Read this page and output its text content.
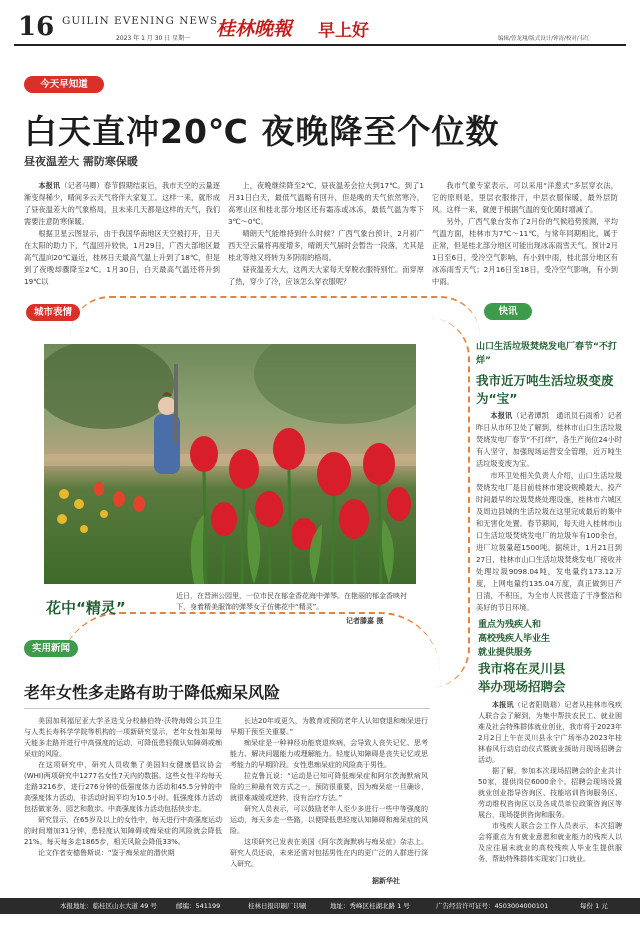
16 GUILIN EVENING NEWS
2023 年 1 月 30 日 星期一 桂林晚報 早上好	编辑/曾龙翔/版式设计/钟涛/校对/韦红
今天早知道
白天直冲20℃ 夜晚降至个位数
昼夜温差大 需防寒保暖

本报讯（记者马卿）春节假期结束后，我市天空的云量逐渐变得稀少，晴间多云天气将伴大家复工。这样一来，就形成了昼夜温差大的气象格局，且未来几天都是这样的天气，我们需要注意防寒保暖。

根据卫星云图显示，由于我国华南地区天空被打开，日天在太阳的助力下，气温回升较快，1月29日，广西大部地区最高气温向20℃逼近，桂林日天最高气温上升到了18℃，但是到了夜晚却骤降至2℃。1月30日，白天最高气温还将升到19℃以

上，夜晚继续降至2℃，昼夜温差会拉大到17℃。到了1月31日白天，最低气温略有回升，但是晚的天气依然寒冷，高寒山区和桂北部分地区还有霜冻或冰冻，最低气温为零下3℃～0℃。

晴朗天气能维持到什么时候？广西气象台预计，2月初广西天空云量将再度增多，晴朗天气届时会暂告一段落，尤其是桂北等地又将转为多阴雨的格局。

昼夜温差大大，这两天大家每天穿脱衣服特别忙。而穿厚了热，穿少了冷，应该怎么穿衣服呢？

我市气象专家表示，可以采用“洋葱式”多层穿衣法，它的原则是，里层衣服排汗，中层衣服保暖，最外层防风。这样一来，就便于根据气温的变化随时增减了。

另外，广西气象台发布了2月份的气候趋势预测，平均气温方面，桂林市为7℃～11℃，与常年同期相比，属于正常，但是桂北部分地区可能出现冰冻雨雪天气。预计2月1日至6日，受冷空气影响，有小到中雨，桂北部分地区有冰冻雨雪天气；2月16日至18日，受冷空气影响，有小到中雨。

城市表情
花中“精灵”
近日，在晋洲公园里，一位市民在郁金香花海中弹琴。在艳丽的郁金香映衬下，身着精美服饰的弹琴女子仿佛花中“精灵”。
记者滕嘉 摄
快讯
山口生活垃圾焚烧发电厂春节“不打烊”
我市近万吨生活垃圾变废为“宝”

本报讯（记者谭凯　通讯员石雨希）记者昨日从市环卫处了解到，桂林市山口生活垃圾焚烧发电厂春节“不打烊”，各生产岗位24小时有人坚守，加强现场运营安全管理，近万吨生活垃圾变废为宝。

市环卫处相关负责人介绍，山口生活垃圾焚烧发电厂是目前桂林市建设规模最大、投产时间最早的垃圾焚烧处理设施，桂林市六城区及周边县城的生活垃圾在这里完成最后的集中和无害化处置。春节期间，每天进入桂林市山口生活垃圾焚烧发电厂的垃圾车有100余台，进厂垃圾量超1500吨。据统计，1月21日到27日，桂林市山口生活垃圾焚烧发电厂接收并处理垃圾9098.04吨，发电量约173.12万度，上网电量约135.04万度，真正做到日产日清，不积压，为全市人民营造了干净整洁和美好的节日环境。

实用新闻
老年女性多走路有助于降低痴呆风险

美国加利福尼亚大学圣迭戈分校赫伯特·沃特海姆公共卫生与人类长寿科学学院等机构的一项新研究显示，老年女性如果每天能多走路并进行中高强度的运动，可降低患轻微认知障碍或痴呆症的风险。

在这项研究中，研究人员收集了美国妇女健康倡议协会(WHI)两项研究中1277名女性7天内的数据。这些女性平均每天走路3216步，进行276分钟的低强度体力活动和45.5分钟的中高强度体力活动，非活动时间平均为10.5小时。低强度体力活动包括做家务、园艺和散步。中高强度体力活动包括快步走。

研究显示，在65岁及以上的女性中，每天进行中高强度运动的时间增加31分钟，患轻度认知障碍或痴呆症的风险就会降低21%。每天每多走1865步，相关风险会降低33%。

论文作者安德鲁斯说：“鉴于痴呆症的潜伏期

长达20年或更久，为教育或预防老年人认知衰退和痴呆进行早期干预至关重要。”

痴呆症是一种神经功能衰退疾病，会导致人丧失记忆、思考能力、解决问题能力或理解能力。轻度认知障碍是丧失记忆或思考能力的早期阶段。女性患痴呆症的风险高于男性。

拉克鲁瓦说：“运动是已知可降低痴呆症和阿尔茨海默病风险的三种最有效方式之一，预防很重要，因为痴呆症一旦确诊，就很难减缓或逆转，没有治疗方法。”

研究人员表示，可以鼓励老年人至少多进行一些中等强度的运动，每天多走一些路，以便降低患轻度认知障碍和痴呆症的风险。

这项研究已发表在美国《阿尔茨海默病与痴呆症》杂志上。研究人员还说，未来还需对包括男性在内的更广泛的人群进行深入研究。

据新华社
重点为残疾人和
高校残疾人毕业生
就业提供服务
我市将在灵川县
举办现场招聘会

本报讯（记者阳勋瑞）记者从桂林市残疾人联合会了解到，为集中帮扶农民工、就业困难及社会特殊群体就业创业，我市将于2023年2月2日上午在灵川县永宁广场举办2023年桂林春风行动启动仪式暨就业援助月现场招聘会活动。

据了解，参加本次现场招聘会的企业共计50家，提供岗位6000余个。招聘会现场设置就业创业指导咨询区、技能培训咨询服务区、劳动维权咨询区以及各成员单位政策咨询区等展台，现场提供咨询和服务。

市残疾人联合会工作人员表示，本次招聘会将重点为有就业意愿和就业能力的残疾人以及应往届未就业的高校残疾人毕业生提供服务，帮助特殊群体实现家门口就业。

本报地址：临桂区山水大道 49 号	邮编：541199	桂林日报印刷厂印刷	地址：秀峰区桂湖北路 1 号	广告经营许可证号：4503004000101	每份 1 元
